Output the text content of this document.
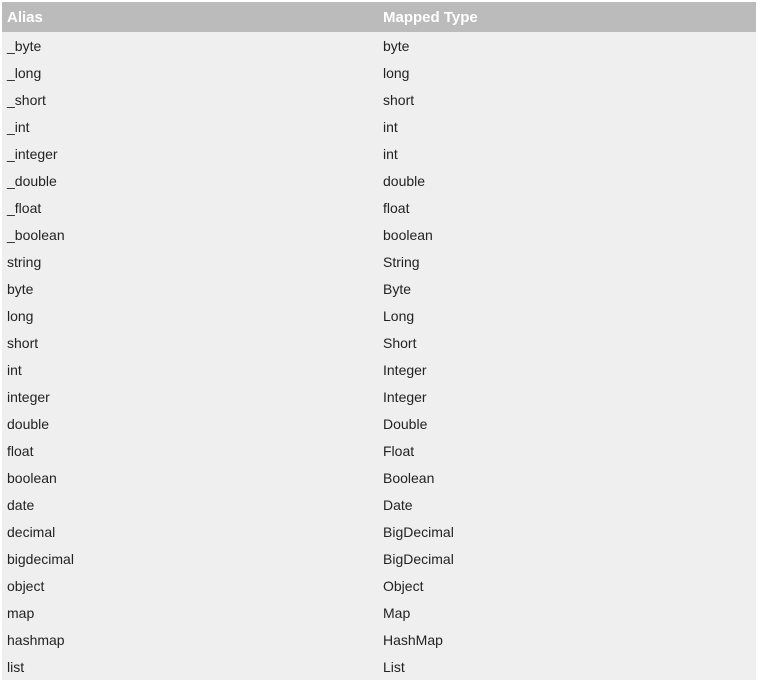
Alias	Mapped Type
_byte	byte
_long	long
_short	short
_int	int
_integer	int
_double	double
_float	float
_boolean	boolean
string	String
byte	Byte
long	Long
short	Short
int	Integer
integer	Integer
double	Double
float	Float
boolean	Boolean
date	Date
decimal	BigDecimal
bigdecimal	BigDecimal
object	Object
map	Map
hashmap	HashMap
list	List
